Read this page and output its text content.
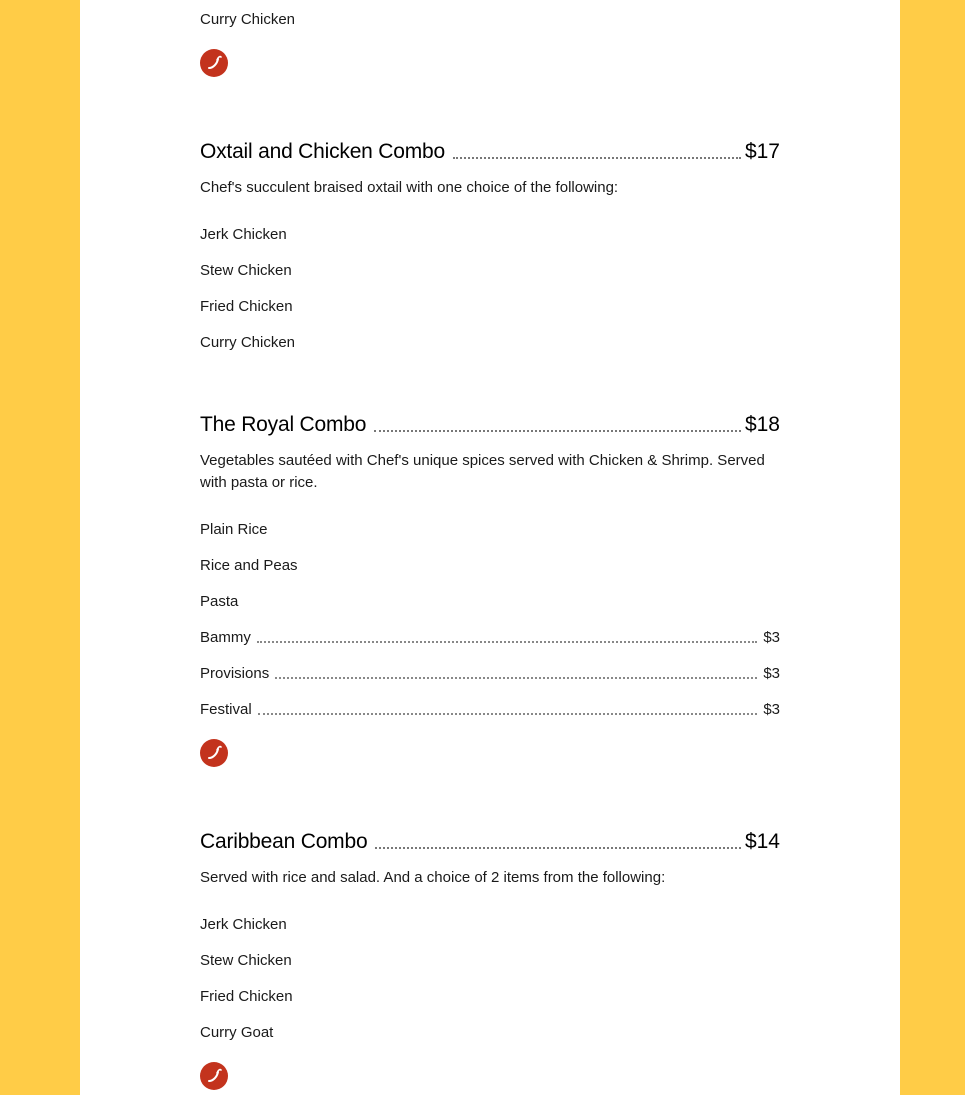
Curry Chicken
Oxtail and Chicken Combo	$17
Chef's succulent braised oxtail with one choice of the following:
Jerk Chicken
Stew Chicken
Fried Chicken
Curry Chicken
The Royal Combo	$18
Vegetables sautéed with Chef's unique spices served with Chicken & Shrimp. Served with pasta or rice.
Plain Rice
Rice and Peas
Pasta
Bammy	$3
Provisions	$3
Festival	$3
Caribbean Combo	$14
Served with rice and salad. And a choice of 2 items from the following:
Jerk Chicken
Stew Chicken
Fried Chicken
Curry Goat
